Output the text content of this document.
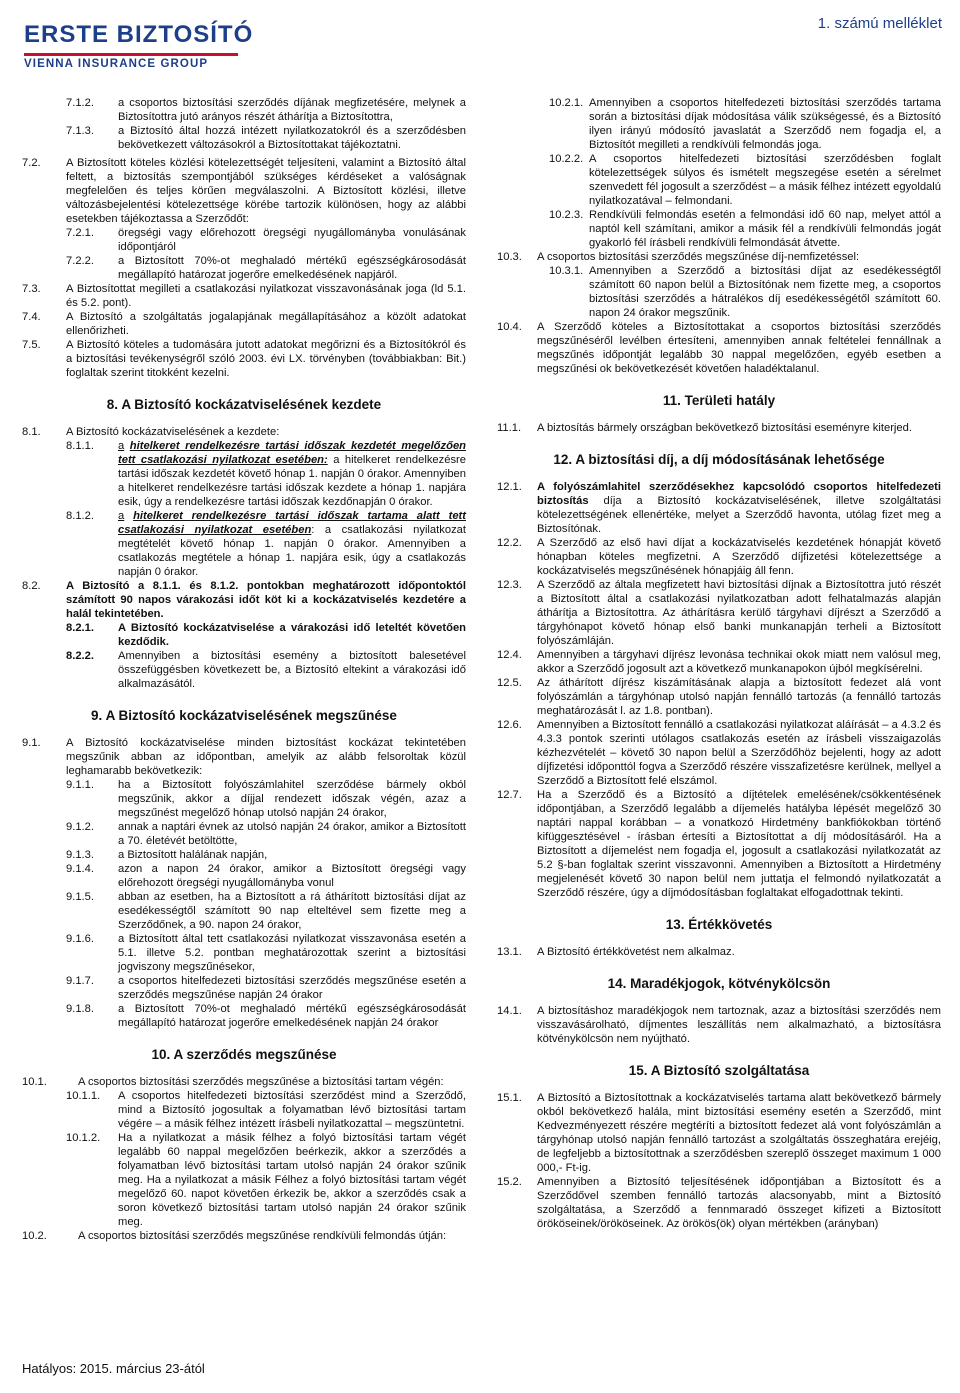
ERSTE BIZTOSÍTÓ
VIENNA INSURANCE GROUP
1. számú melléklet

7.1.2. a csoportos biztosítási szerződés díjának megfizetésére, melynek a Biztosítottra jutó arányos részét áthárítja a Biztosítottra,

7.1.3. a Biztosító által hozzá intézett nyilatkozatokról és a szerződésben bekövetkezett változásokról a Biztosítottakat tájékoztatni.

7.2. A Biztosított köteles közlési kötelezettségét teljesíteni, valamint a Biztosító által feltett, a biztosítás szempontjából szükséges kérdéseket a valóságnak megfelelően és teljes körűen megválaszolni. A Biztosított közlési, illetve változásbejelentési kötelezettsége körébe tartozik különösen, hogy az alábbi esetekben tájékoztassa a Szerződőt:

7.2.1. öregségi vagy előrehozott öregségi nyugállományba vonulásának időpontjáról

7.2.2. a Biztosított 70%-ot meghaladó mértékű egészségkárosodását megállapító határozat jogerőre emelkedésének napjáról.

7.3. A Biztosítottat megilleti a csatlakozási nyilatkozat visszavonásának joga (ld 5.1. és 5.2. pont).

7.4. A Biztosító a szolgáltatás jogalapjának megállapításához a közölt adatokat ellenőrizheti.

7.5. A Biztosító köteles a tudomására jutott adatokat megőrizni és a Biztosítókról és a biztosítási tevékenységről szóló 2003. évi LX. törvényben (továbbiakban: Bit.) foglaltak szerint titokként kezelni.

8. A Biztosító kockázatviselésének kezdete

8.1. A Biztosító kockázatviselésének a kezdete:

8.1.1. a hitelkeret rendelkezésre tartási időszak kezdetét megelőzően tett csatlakozási nyilatkozat esetében: a hitelkeret rendelkezésre tartási időszak kezdetét követő hónap 1. napján 0 órakor. Amennyiben a hitelkeret rendelkezésre tartási időszak kezdete a hónap 1. napjára esik, úgy a rendelkezésre tartási időszak kezdőnapján 0 órakor.

8.1.2. a hitelkeret rendelkezésre tartási időszak tartama alatt tett csatlakozási nyilatkozat esetében: a csatlakozási nyilatkozat megtételét követő hónap 1. napján 0 órakor. Amennyiben a csatlakozás megtétele a hónap 1. napjára esik, úgy a csatlakozás napján 0 órakor.

8.2. A Biztosító a 8.1.1. és 8.1.2. pontokban meghatározott időpontoktól számított 90 napos várakozási időt köt ki a kockázatviselés kezdetére a halál tekintetében.

8.2.1. A Biztosító kockázatviselése a várakozási idő leteltét követően kezdődik.

8.2.2. Amennyiben a biztosítási esemény a biztosított balesetével összefüggésben következett be, a Biztosító eltekint a várakozási idő alkalmazásától.

9. A Biztosító kockázatviselésének megszűnése

9.1. A Biztosító kockázatviselése minden biztosítást kockázat tekintetében megszűnik abban az időpontban, amelyik az alább felsoroltak közül leghamarabb bekövetkezik:

9.1.1. ha a Biztosított folyószámlahitel szerződése bármely okból megszűnik, akkor a díjjal rendezett időszak végén, azaz a megszűnést megelőző hónap utolsó napján 24 órakor,

9.1.2. annak a naptári évnek az utolsó napján 24 órakor, amikor a Biztosított a 70. életévét betöltötte,

9.1.3. a Biztosított halálának napján,

9.1.4. azon a napon 24 órakor, amikor a Biztosított öregségi vagy előrehozott öregségi nyugállományba vonul

9.1.5. abban az esetben, ha a Biztosított a rá áthárított biztosítási díjat az esedékességtől számított 90 nap elteltével sem fizette meg a Szerződőnek, a 90. napon 24 órakor,

9.1.6. a Biztosított által tett csatlakozási nyilatkozat visszavonása esetén a 5.1. illetve 5.2. pontban meghatározottak szerint a biztosítási jogviszony megszűnésekor,

9.1.7. a csoportos hitelfedezeti biztosítási szerződés megszűnése esetén a szerződés megszűnése napján 24 órakor

9.1.8. a Biztosított 70%-ot meghaladó mértékű egészségkárosodását megállapító határozat jogerőre emelkedésének napján 24 órakor

10. A szerződés megszűnése

10.1.	A csoportos biztosítási szerződés megszűnése a biztosítási tartam végén:

10.1.1. A csoportos hitelfedezeti biztosítási szerződést mind a Szerződő, mind a Biztosító jogosultak a folyamatban lévő biztosítási tartam végére – a másik félhez intézett írásbeli nyilatkozattal – megszüntetni.

10.1.2. Ha a nyilatkozat a másik félhez a folyó biztosítási tartam végét legalább 60 nappal megelőzően beérkezik, akkor a szerződés a folyamatban lévő biztosítási tartam utolsó napján 24 órakor szűnik meg. Ha a nyilatkozat a másik Félhez a folyó biztosítási tartam végét megelőző 60. napot követően érkezik be, akkor a szerződés csak a soron következő biztosítási tartam utolsó napján 24 órakor szűnik meg.

10.2.	A csoportos biztosítási szerződés megszűnése rendkívüli felmondás útján:

10.2.1. Amennyiben a csoportos hitelfedezeti biztosítási szerződés tartama során a biztosítási díjak módosítása válik szükségessé, és a Biztosító ilyen irányú módosító javaslatát a Szerződő nem fogadja el, a Biztosítót megilleti a rendkívüli felmondás joga.

10.2.2. A csoportos hitelfedezeti biztosítási szerződésben foglalt kötelezettségek súlyos és ismételt megszegése esetén a sérelmet szenvedett fél jogosult a szerződést – a másik félhez intézett egyoldalú nyilatkozatával – felmondani.

10.2.3. Rendkívüli felmondás esetén a felmondási idő 60 nap, melyet attól a naptól kell számítani, amikor a másik fél a rendkívüli felmondás jogát gyakorló fél írásbeli rendkívüli felmondását átvette.

10.3. A csoportos biztosítási szerződés megszűnése díj-nemfizetéssel:

10.3.1. Amennyiben a Szerződő a biztosítási díjat az esedékességtől számított 60 napon belül a Biztosítónak nem fizette meg, a csoportos biztosítási szerződés a hátralékos díj esedékességétől számított 60. napon 24 órakor megszűnik.

10.4. A Szerződő köteles a Biztosítottakat a csoportos biztosítási szerződés megszűnéséről levélben értesíteni, amennyiben annak feltételei fennállnak a megszűnés időpontját legalább 30 nappal megelőzően, egyéb esetben a megszűnési ok bekövetkezését követően haladéktalanul.

11. Területi hatály

11.1. A biztosítás bármely országban bekövetkező biztosítási eseményre kiterjed.

12. A biztosítási díj, a díj módosításának lehetősége

12.1. A folyószámlahitel szerződésekhez kapcsolódó csoportos hitelfedezeti biztosítás díja a Biztosító kockázatviselésének, illetve szolgáltatási kötelezettségének ellenértéke, melyet a Szerződő havonta, utólag fizet meg a Biztosítónak.

12.2. A Szerződő az első havi díjat a kockázatviselés kezdetének hónapját követő hónapban köteles megfizetni. A Szerződő díjfizetési kötelezettsége a kockázatviselés megszűnésének hónapjáig áll fenn.

12.3. A Szerződő az általa megfizetett havi biztosítási díjnak a Biztosítottra jutó részét a Biztosított által a csatlakozási nyilatkozatban adott felhatalmazás alapján áthárítja a Biztosítottra. Az áthárításra kerülő tárgyhavi díjrészt a Szerződő a tárgyhónapot követő hónap első banki munkanapján terheli a Biztosított folyószámláján.

12.4. Amennyiben a tárgyhavi díjrész levonása technikai okok miatt nem valósul meg, akkor a Szerződő jogosult azt a következő munkanapokon újból megkísérelni.

12.5. Az áthárított díjrész kiszámításának alapja a biztosított fedezet alá vont folyószámlán a tárgyhónap utolsó napján fennálló tartozás (a fennálló tartozás meghatározását l. az 1.8. pontban).

12.6. Amennyiben a Biztosított fennálló a csatlakozási nyilatkozat aláírását – a 4.3.2 és 4.3.3 pontok szerinti utólagos csatlakozás esetén az írásbeli visszaigazolás kézhezvételét – követő 30 napon belül a Szerződőhöz bejelenti, hogy az adott díjfizetési időponttól fogva a Szerződő részére visszafizetésre kerülnek, mellyel a Szerződő a Biztosított felé elszámol.

12.7. Ha a Szerződő és a Biztosító a díjtételek emelésének/csökkentésének időpontjában, a Szerződő legalább a díjemelés hatályba lépését megelőző 30 naptári nappal korábban – a vonatkozó Hirdetmény bankfiókokban történő kifüggesztésével - írásban értesíti a Biztosítottat a díj módosításáról. Ha a Biztosított a díjemelést nem fogadja el, jogosult a csatlakozási nyilatkozatát az 5.2 §-ban foglaltak szerint visszavonni. Amennyiben a Biztosított a Hirdetmény megjelenését követő 30 napon belül nem juttatja el felmondó nyilatkozatát a Szerződő részére, úgy a díjmódosításban foglaltakat elfogadottnak tekinti.

13. Értékkövetés

13.1. A Biztosító értékkövetést nem alkalmaz.

14. Maradékjogok, kötvénykölcsön

14.1. A biztosításhoz maradékjogok nem tartoznak, azaz a biztosítási szerződés nem visszavásárolható, díjmentes leszállítás nem alkalmazható, a biztosításra kötvénykölcsön nem nyújtható.

15. A Biztosító szolgáltatása

15.1. A Biztosító a Biztosítottnak a kockázatviselés tartama alatt bekövetkező bármely okból bekövetkező halála, mint biztosítási esemény esetén a Szerződő, mint Kedvezményezett részére megtéríti a biztosított fedezet alá vont folyószámlán a tárgyhónap utolsó napján fennálló tartozást a szolgáltatás összeghatára erejéig, de legfeljebb a biztosítottnak a szerződésben szereplő összeget maximum 1 000 000,- Ft-ig.

15.2. Amennyiben a Biztosító teljesítésének időpontjában a Biztosított és a Szerződővel szemben fennálló tartozás alacsonyabb, mint a Biztosító szolgáltatása, a Szerződő a fennmaradó összeget kifizeti a Biztosított örököseinek/örököseinek. Az örökös(ök) olyan mértékben (arányban)

Hatályos: 2015. március 23-ától
